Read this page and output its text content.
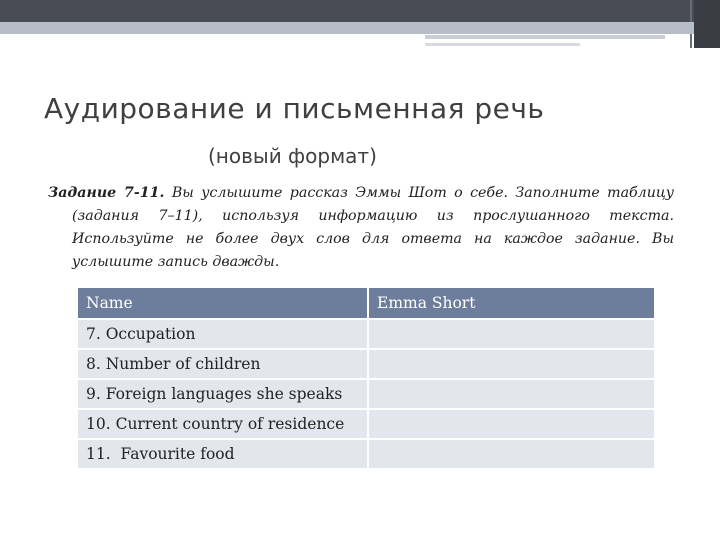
Аудирование и письменная речь
(новый формат)
Задание 7-11. Вы услышите рассказ Эммы Шот о себе. Заполните таблицу (задания 7–11), используя информацию из прослушанного текста. Используйте не более двух слов для ответа на каждое задание. Вы услышите запись дважды.
Name	Emma Short
7. Occupation	
8. Number of children	
9. Foreign languages she speaks	
10. Current country of residence	
11.  Favourite food	
